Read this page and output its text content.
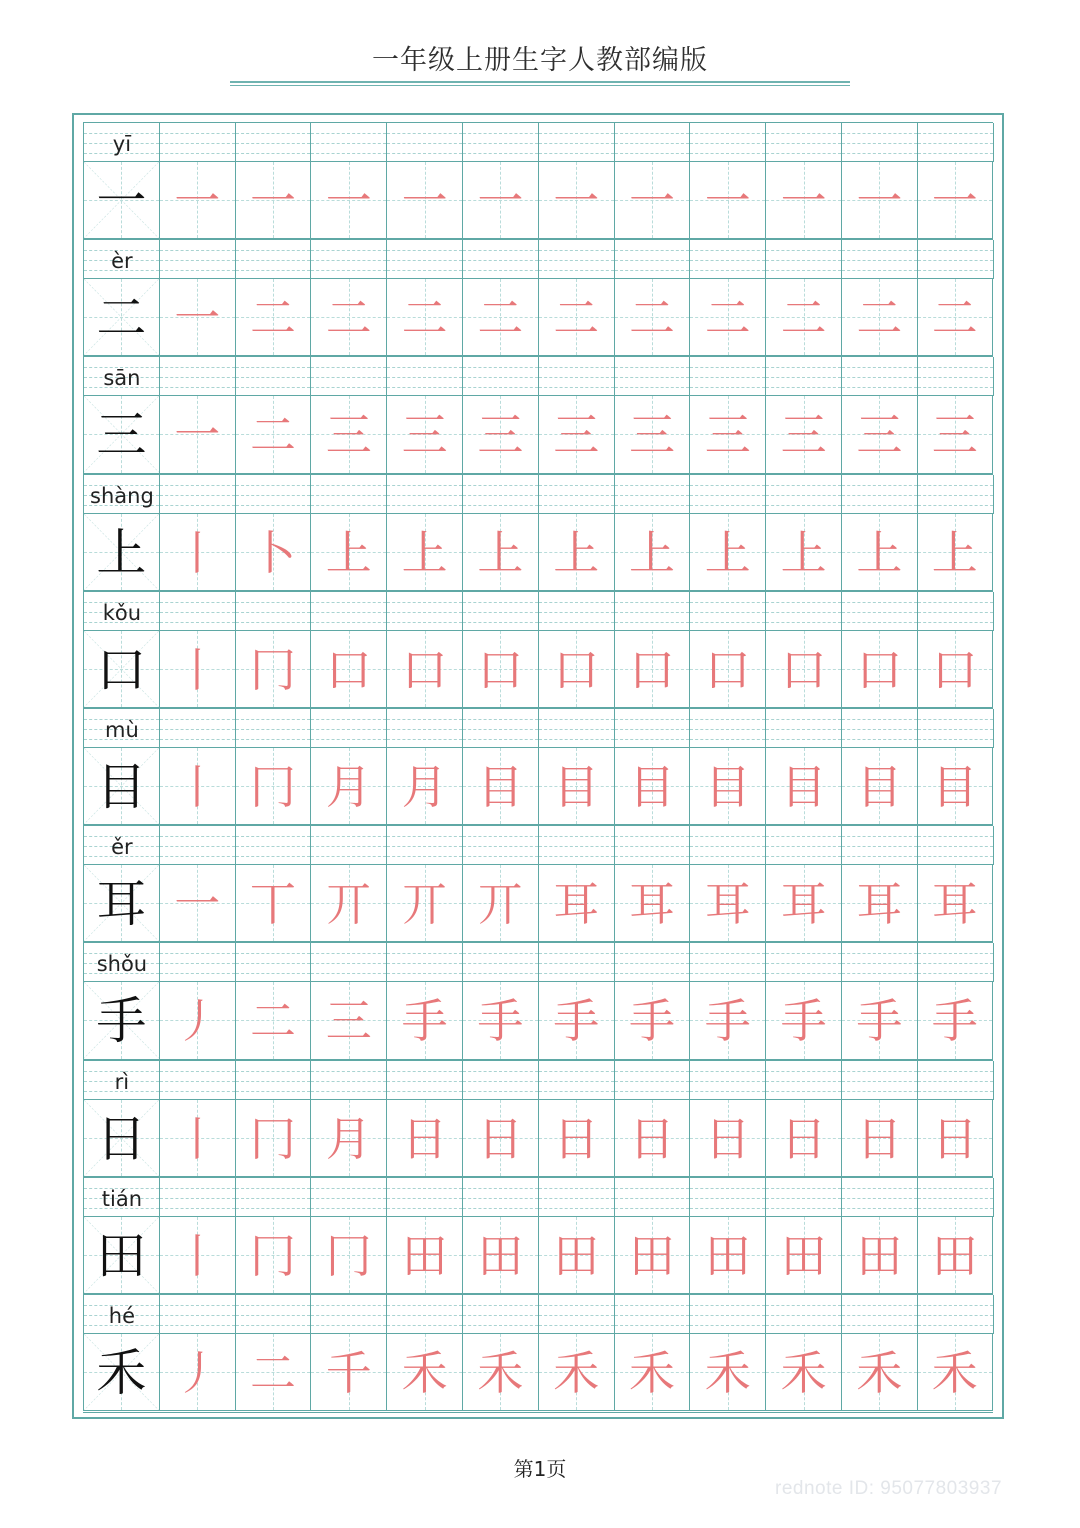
一年级上册生字人教部编版
yī
一 一 一 一 一 一 一 一 一 一 一 一
èr
二 一 二 二 二 二 二 二 二 二 二 二
sān
三 一 二 三 三 三 三 三 三 三 三 三
shàng
上 丨 卜 上 上 上 上 上 上 上 上 上
kǒu
口 丨 冂 口 口 口 口 口 口 口 口 口
mù
目 丨 冂 月 月 目 目 目 目 目 目 目
ěr
耳 一 丅 丌 丌 丌 耳 耳 耳 耳 耳 耳
shǒu
手 丿 二 三 手 手 手 手 手 手 手 手
rì
日 丨 冂 月 日 日 日 日 日 日 日 日
tián
田 丨 冂 冂 田 田 田 田 田 田 田 田
hé
禾 丿 二 千 禾 禾 禾 禾 禾 禾 禾 禾
第1页
rednote ID: 95077803937
